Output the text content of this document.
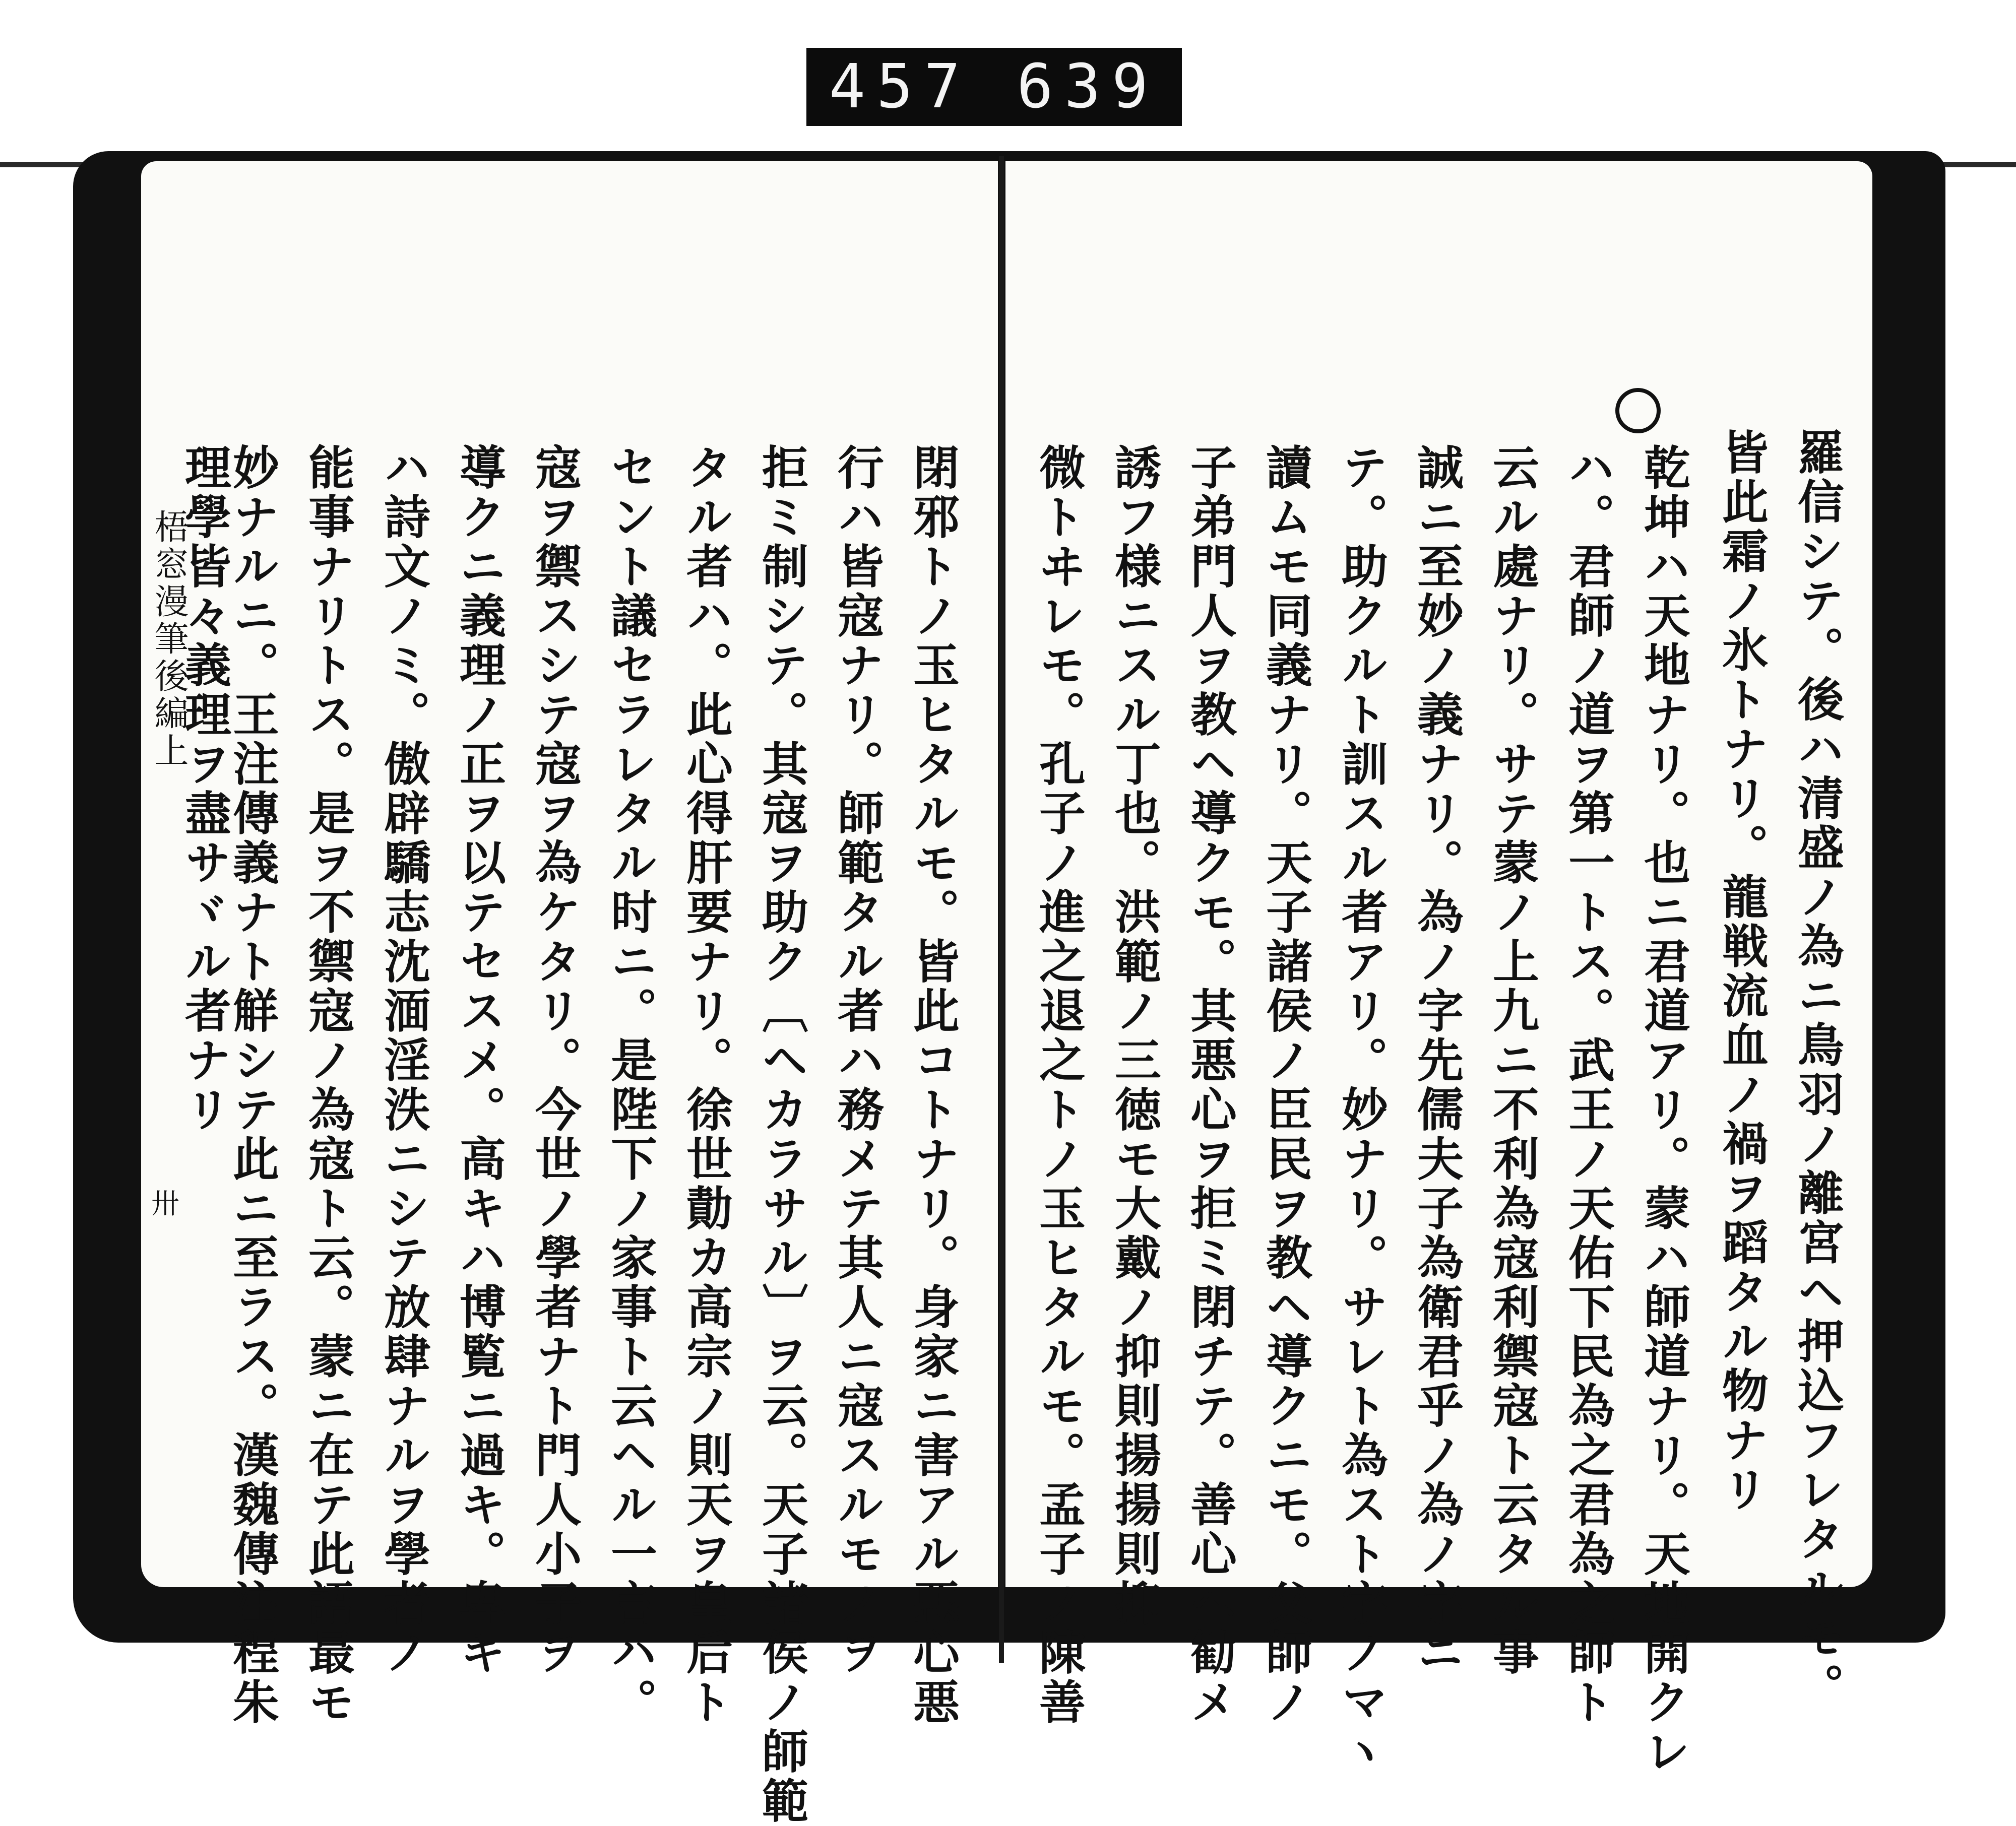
457 639
羅信シテ。後ハ清盛ノ為ニ鳥羽ノ離宮ヘ押込フレタルモ。
皆此霜ノ氷トナリ。龍戦流血ノ禍ヲ蹈タル物ナリ
乾坤ハ天地ナリ。也ニ君道アリ。蒙ハ師道ナリ。天地開クレ
ハ。君師ノ道ヲ第一トス。武王ノ天佑下民為之君為之師ト
云ル處ナリ。サテ蒙ノ上九ニ不利為寇利禦寇ト云タル事
誠ニ至妙ノ義ナリ。為ノ字先儒夫子為衛君乎ノ為ノ字ニ
テ。助クルト訓スル者アリ。妙ナリ。サレト為スト字ノマヽ
讀ムモ同義ナリ。天子諸侯ノ臣民ヲ教ヘ導クニモ。父師ノ
子弟門人ヲ教ヘ導クモ。其悪心ヲ拒ミ閉チテ。善心ヘ勧メ
誘フ様ニスル丁也。洪範ノ三徳モ大戴ノ抑則揚揚則抑
微トヰレモ。孔子ノ進之退之トノ玉ヒタルモ。孟子ノ陳善
閉邪トノ玉ヒタルモ。皆此コトナリ。身家ニ害アル悪心悪
行ハ皆寇ナリ。師範タル者ハ務メテ其人ニ寇スルモノヲ
拒ミ制シテ。其寇ヲ助ク〔ヘカラサル〕ヲ云。天子諸侯ノ師範
タル者ハ。此心得肝要ナリ。徐世勣カ高宗ノ則天ヲ皇后ト
セント議セラレタル时ニ。是陛下ノ家事ト云ヘル一言ハ。
寇ヲ禦スシテ寇ヲ為ケタリ。今世ノ學者ナト門人小子ヲ
導クニ義理ノ正ヲ以テセスメ。高キハ博覧ニ過キ。卑キ
ハ詩文ノミ。傲辟驕志沈湎淫泆ニシテ放肆ナルヲ學者ノ
能事ナリトス。是ヲ不禦寇ノ為寇ト云。蒙ニ在テ此語最モ
妙ナルニ。王注傳義ナト觧シテ此ニ至ラス。漢魏傳注程朱
理學皆々義理ヲ盡サヾル者ナリ
梧窓漫筆後編上
卅
